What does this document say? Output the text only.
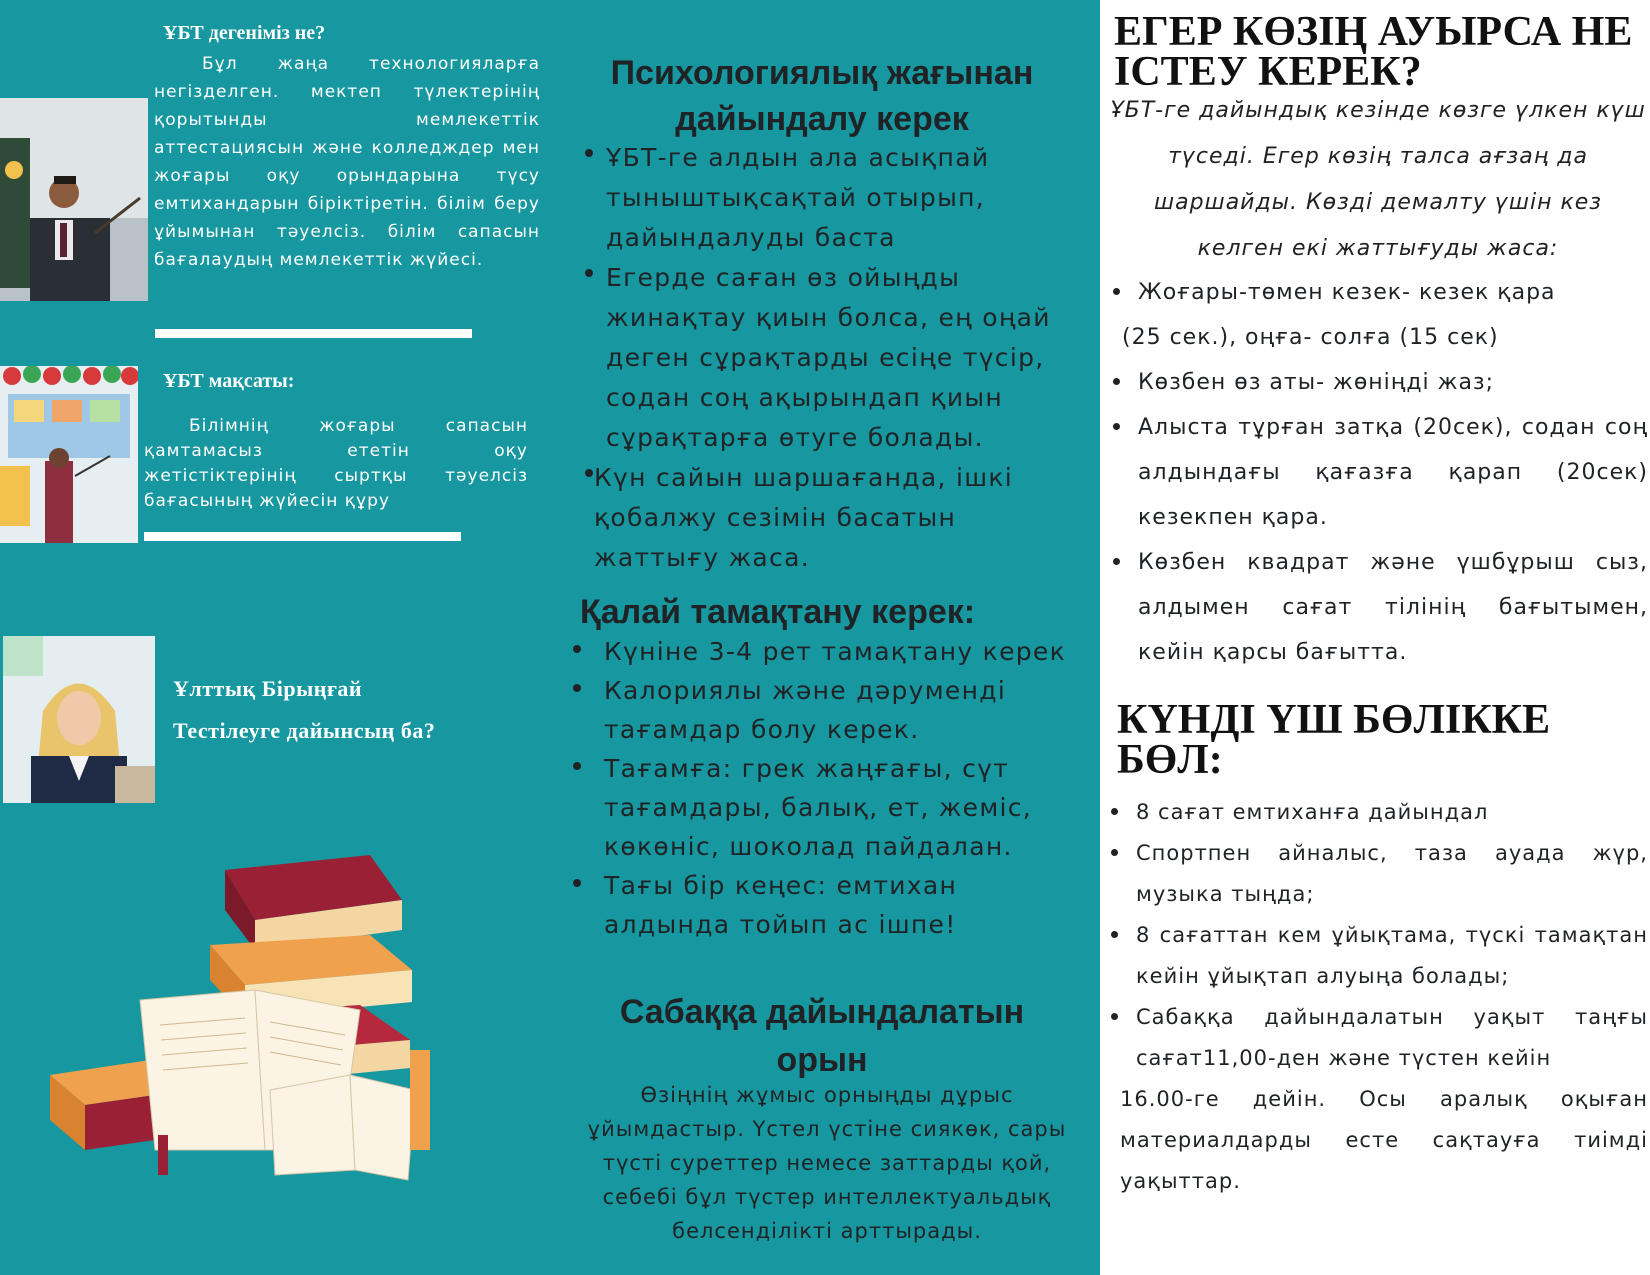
ҰБТ дегеніміз не?
Бұл жаңа технологияларға негізделген. мектеп түлектерінің қорытынды мемлекеттік аттестациясын және колледждер мен жоғары оқу орындарына түсу емтихандарын біріктіретін. білім беру ұйымынан тәуелсіз. білім сапасын бағалаудың мемлекеттік жүйесі.
ҰБТ мақсаты:
Білімнің жоғары сапасын қамтамасыз ететін оқу жетістіктерінің сыртқы тәуелсіз бағасының жүйесін құру
Ұлттық Бірыңғай
Тестілеуге дайынсың ба?
Психологиялық жағынан дайындалу керек
ҰБТ-ге алдын ала асықпай тыныштықсақтай отырып, дайындалуды баста
Егерде саған өз ойыңды жинақтау қиын болса, ең оңай деген сұрақтарды есіңе түсір, содан соң ақырындап қиын сұрақтарға өтуге болады.
Күн сайын шаршағанда, ішкі қобалжу сезімін басатын жаттығу жаса.
Қалай тамақтану керек:
Күніне 3-4 рет тамақтану керек
Калориялы және дәруменді тағамдар болу керек.
Тағамға: грек жаңғағы, сүт тағамдары, балық, ет, жеміс, көкөніс, шоколад пайдалан.
Тағы бір кеңес: емтихан алдында тойып ас ішпе!
Сабаққа дайындалатын орын
Өзіңнің жұмыс орныңды дұрыс ұйымдастыр. Үстел үстіне сиякөк, сары түсті суреттер немесе заттарды қой, себебі бұл түстер интеллектуальдық белсенділікті арттырады.
ЕГЕР КӨЗІҢ АУЫРСА НЕ ІСТЕУ КЕРЕК?
ҰБТ-ге дайындық кезінде көзге үлкен күш түседі. Егер көзің талса ағзаң да шаршайды. Көзді демалту үшін кез келген екі жаттығуды жаса:
Жоғары-төмен кезек- кезек қара
(25 сек.), оңға- солға (15 сек)
Көзбен өз аты- жөніңді жаз;
Алыста тұрған затқа (20сек), содан соң алдындағы қағазға қарап (20сек) кезекпен қара.
Көзбен квадрат және үшбұрыш сыз, алдымен сағат тілінің бағытымен, кейін қарсы бағытта.
КҮНДІ ҮШ БӨЛІККЕ БӨЛ:
8 сағат емтиханға дайындал
Спортпен айналыс, таза ауада жүр, музыка тыңда;
8 сағаттан кем ұйықтама, түскі тамақтан кейін ұйықтап алуыңа болады;
Сабаққа дайындалатын уақыт таңғы сағат11,00-ден және түстен кейін
16.00-ге дейін. Осы аралық оқыған материалдарды есте сақтауға тиімді уақыттар.
